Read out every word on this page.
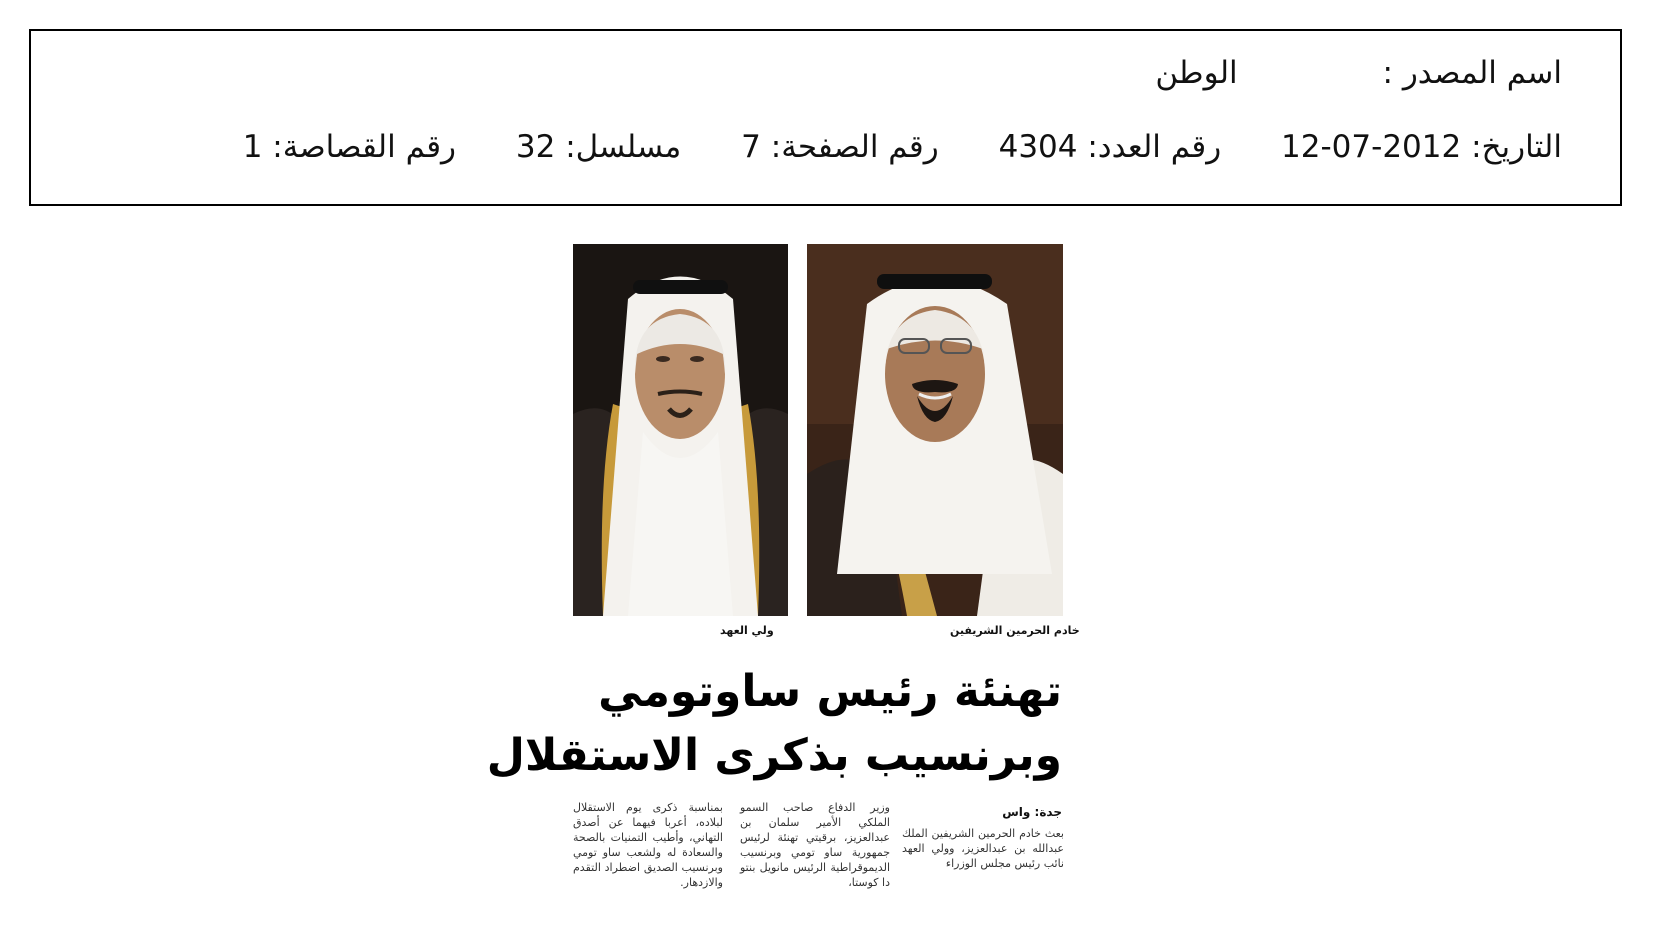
اسم المصدر : الوطن
التاريخ: 2012-07-12 رقم العدد: 4304 رقم الصفحة: 7 مسلسل: 32 رقم القصاصة: 1
ولي العهد	خادم الحرمين الشريفين
تهنئة رئيس ساوتومي
وبرنسيب بذكرى الاستقلال
جدة: واس
بعث خادم الحرمين الشريفين الملك عبدالله بن عبدالعزيز، وولي العهد نائب رئيس مجلس الوزراء
وزير الدفاع صاحب السمو الملكي الأمير سلمان بن عبدالعزيز، برقيتي تهنئة لرئيس جمهورية ساو تومي وبرنسيب الديموقراطية الرئيس مانويل بنتو دا كوستا،
بمناسبة ذكرى يوم الاستقلال لبلاده، أعربا فيهما عن أصدق التهاني، وأطيب التمنيات بالصحة والسعادة له ولشعب ساو تومي وبرنسيب الصديق اضطراد التقدم والازدهار.
